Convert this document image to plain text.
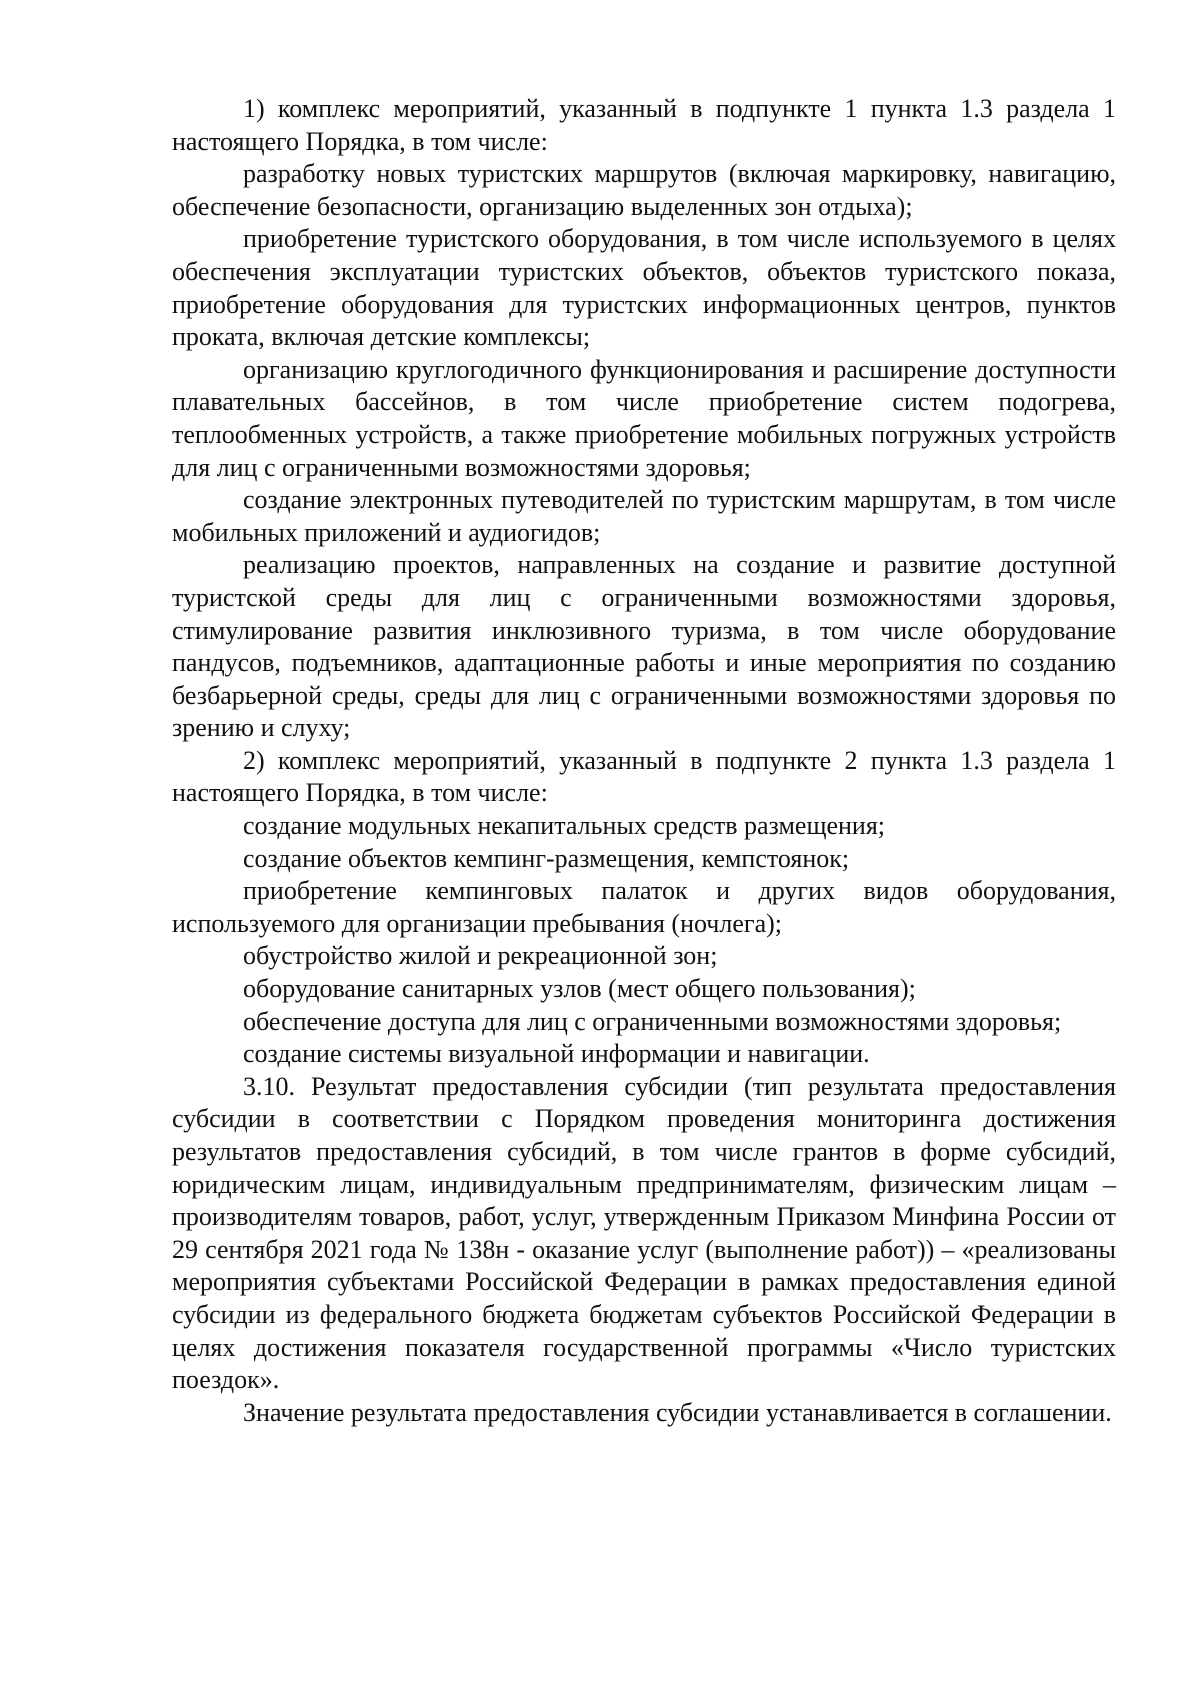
1) комплекс мероприятий, указанный в подпункте 1 пункта 1.3 раздела 1 настоящего Порядка, в том числе:

разработку новых туристских маршрутов (включая маркировку, навигацию, обеспечение безопасности, организацию выделенных зон отдыха);

приобретение туристского оборудования, в том числе используемого в целях обеспечения эксплуатации туристских объектов, объектов туристского показа, приобретение оборудования для туристских информационных центров, пунктов проката, включая детские комплексы;

организацию круглогодичного функционирования и расширение доступности плавательных бассейнов, в том числе приобретение систем подогрева, теплообменных устройств, а также приобретение мобильных погружных устройств для лиц с ограниченными возможностями здоровья;

создание электронных путеводителей по туристским маршрутам, в том числе мобильных приложений и аудиогидов;

реализацию проектов, направленных на создание и развитие доступной туристской среды для лиц с ограниченными возможностями здоровья, стимулирование развития инклюзивного туризма, в том числе оборудование пандусов, подъемников, адаптационные работы и иные мероприятия по созданию безбарьерной среды, среды для лиц с ограниченными возможностями здоровья по зрению и слуху;

2) комплекс мероприятий, указанный в подпункте 2 пункта 1.3 раздела 1 настоящего Порядка, в том числе:

создание модульных некапитальных средств размещения;

создание объектов кемпинг-размещения, кемпстоянок;

приобретение кемпинговых палаток и других видов оборудования, используемого для организации пребывания (ночлега);

обустройство жилой и рекреационной зон;

оборудование санитарных узлов (мест общего пользования);

обеспечение доступа для лиц с ограниченными возможностями здоровья;

создание системы визуальной информации и навигации.

3.10. Результат предоставления субсидии (тип результата предоставления субсидии в соответствии с Порядком проведения мониторинга достижения результатов предоставления субсидий, в том числе грантов в форме субсидий, юридическим лицам, индивидуальным предпринимателям, физическим лицам – производителям товаров, работ, услуг, утвержденным Приказом Минфина России от 29 сентября 2021 года № 138н - оказание услуг (выполнение работ)) – «реализованы мероприятия субъектами Российской Федерации в рамках предоставления единой субсидии из федерального бюджета бюджетам субъектов Российской Федерации в целях достижения показателя государственной программы «Число туристских поездок».

Значение результата предоставления субсидии устанавливается в соглашении.
